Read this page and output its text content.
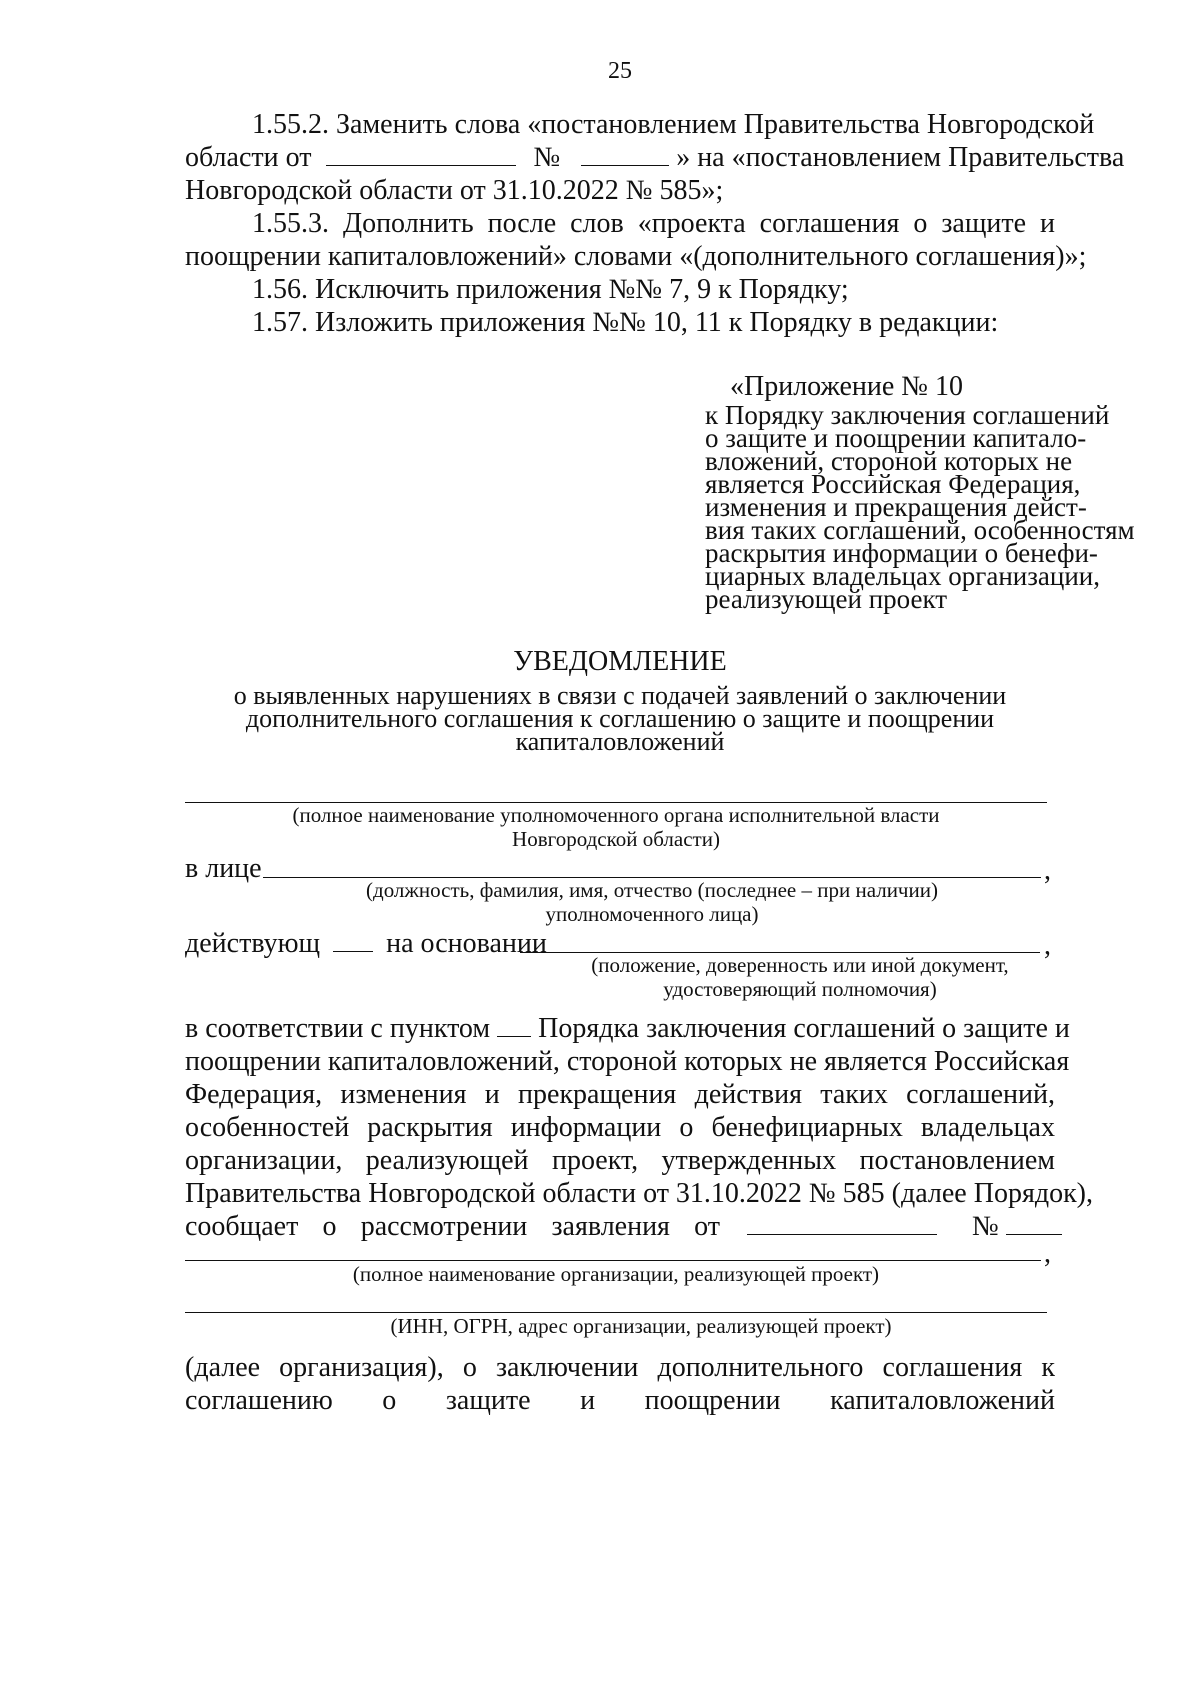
25
1.55.2. Заменить слова «постановлением Правительства Новгородской
области от	№	» на «постановлением Правительства
Новгородской области от 31.10.2022 № 585»;
1.55.3. Дополнить после слов «проекта соглашения о защите и
поощрении капиталовложений» словами «(дополнительного соглашения)»;
1.56. Исключить приложения №№ 7, 9 к Порядку;
1.57. Изложить приложения №№ 10, 11 к Порядку в редакции:
«Приложение № 10
к Порядку заключения соглашений
о защите и поощрении капитало-
вложений, стороной которых не
является Российская Федерация,
изменения и прекращения дейст-
вия таких соглашений, особенностям
раскрытия информации о бенефи-
циарных владельцах организации,
реализующей проект
УВЕДОМЛЕНИЕ
о выявленных нарушениях в связи с подачей заявлений о заключении
дополнительного соглашения к соглашению о защите и поощрении
капиталовложений
(полное наименование уполномоченного органа исполнительной власти
Новгородской области)
в лице	,
(должность, фамилия, имя, отчество (последнее – при наличии)
уполномоченного лица)
действующ на основании	,
(положение, доверенность или иной документ,
удостоверяющий полномочия)
в соответствии с пунктом Порядка заключения соглашений о защите и
поощрении капиталовложений, стороной которых не является Российская
Федерация, изменения и прекращения действия таких соглашений,
особенностей раскрытия информации о бенефициарных владельцах
организации, реализующей проект, утвержденных постановлением
Правительства Новгородской области от 31.10.2022 № 585 (далее Порядок),
сообщает о рассмотрении заявления от	№
,
(полное наименование организации, реализующей проект)
(ИНН, ОГРН, адрес организации, реализующей проект)
(далее организация), о заключении дополнительного соглашения к
соглашению о защите и поощрении капиталовложений
